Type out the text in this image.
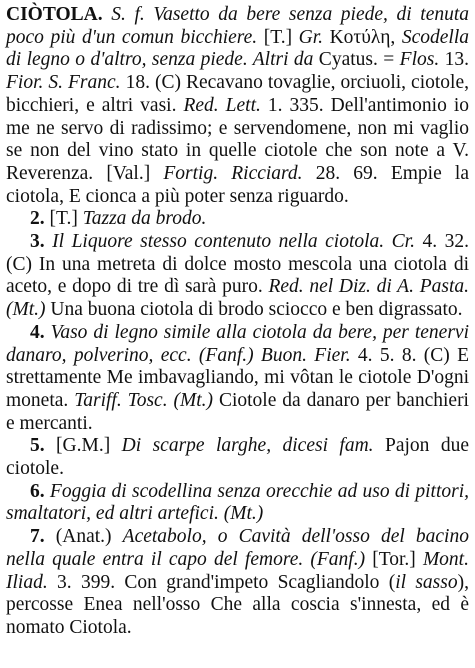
CIÒTOLA. S. f. Vasetto da bere senza piede, di tenuta poco più d'un comun bicchiere. [T.] Gr. Κοτύλη, Scodella di legno o d'altro, senza piede. Altri da Cyatus. = Flos. 13. Fior. S. Franc. 18. (C) Recavano tovaglie, orciuoli, ciotole, bicchieri, e altri vasi. Red. Lett. 1. 335. Dell'antimonio io me ne servo di radissimo; e servendomene, non mi vaglio se non del vino stato in quelle ciotole che son note a V. Reverenza. [Val.] Fortig. Ricciard. 28. 69. Empie la ciotola, E cionca a più poter senza riguardo.

2. [T.] Tazza da brodo.

3. Il Liquore stesso contenuto nella ciotola. Cr. 4. 32. (C) In una metreta di dolce mosto mescola una ciotola di aceto, e dopo di tre dì sarà puro. Red. nel Diz. di A. Pasta. (Mt.) Una buona ciotola di brodo sciocco e ben digrassato.

4. Vaso di legno simile alla ciotola da bere, per tenervi danaro, polverino, ecc. (Fanf.) Buon. Fier. 4. 5. 8. (C) E strettamente Me imbavagliando, mi vôtan le ciotole D'ogni moneta. Tariff. Tosc. (Mt.) Ciotole da danaro per banchieri e mercanti.

5. [G.M.] Di scarpe larghe, dicesi fam. Pajon due ciotole.

6. Foggia di scodellina senza orecchie ad uso di pittori, smaltatori, ed altri artefici. (Mt.)

7. (Anat.) Acetabolo, o Cavità dell'osso del bacino nella quale entra il capo del femore. (Fanf.) [Tor.] Mont. Iliad. 3. 399. Con grand'impeto Scagliandolo (il sasso), percosse Enea nell'osso Che alla coscia s'innesta, ed è nomato Ciotola.
